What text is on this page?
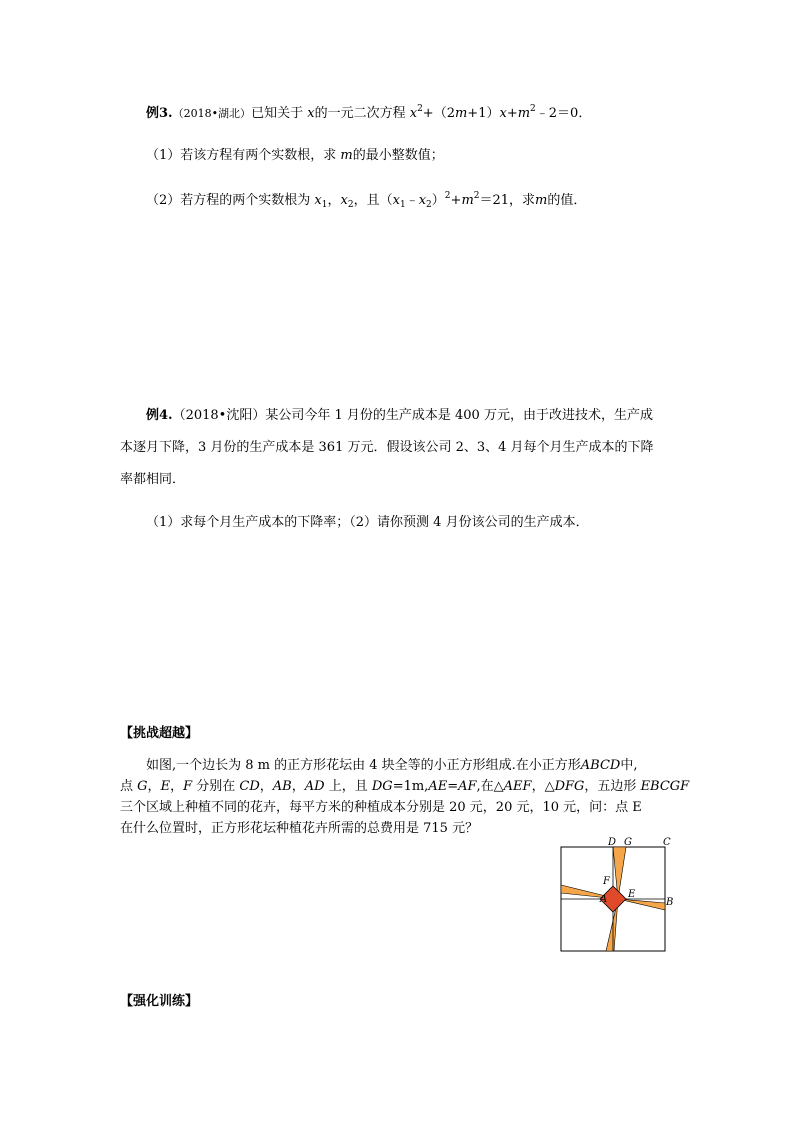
例3.（2018•湖北）已知关于 x的一元二次方程 $x^2+(2m+1)x+m^2﹣2=0$．
（1）若该方程有两个实数根，求 m的最小整数值；
（2）若方程的两个实数根为 $x_1$，$x_2$，且$(x_1﹣x_2)^2+m^2=21$，求m的值．
例4.（2018•沈阳）某公司今年 1 月份的生产成本是 400 万元，由于改进技术，生产成
本逐月下降，3 月份的生产成本是 361 万元．假设该公司 2、3、4 月每个月生产成本的下降
率都相同．
（1）求每个月生产成本的下降率；（2）请你预测 4 月份该公司的生产成本．
【挑战超越】
如图,一个边长为 8 m 的正方形花坛由 4 块全等的小正方形组成.在小正方形ABCD中,
点 G，E，F 分别在 CD，AB，AD 上，且 DG=1m,AE=AF,在△AEF，△DFG，五边形 EBCGF
三个区域上种植不同的花卉，每平方米的种植成本分别是 20 元，20 元，10 元，问：点 E
在什么位置时，正方形花坛种植花卉所需的总费用是 715 元？
D G	C
F
A E
B
【强化训练】
